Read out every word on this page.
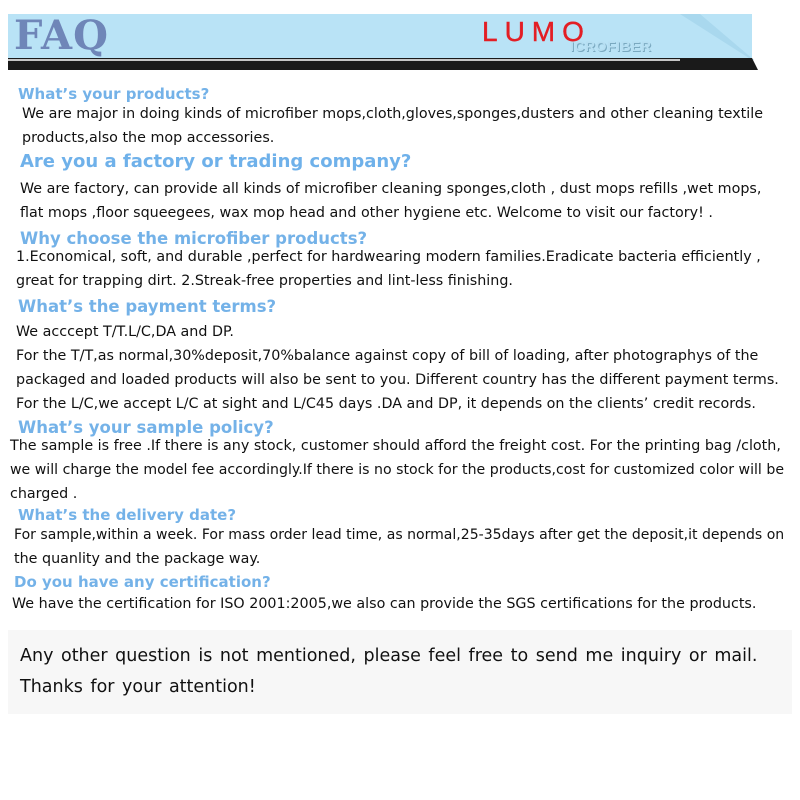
FAQ	LUMO
ICROFIBER
What’s your products?

We are major in doing kinds of microfiber mops,cloth,gloves,sponges,dusters and other cleaning textile

products,also the mop accessories.

Are you a factory or trading company?

We are factory, can provide all kinds of microfiber cleaning sponges,cloth , dust mops refills ,wet mops,

flat mops ,floor squeegees, wax mop head and other hygiene etc. Welcome to visit our factory! .

Why choose the microfiber products?

1.Economical, soft, and durable ,perfect for hardwearing modern families.Eradicate bacteria efficiently ,

great for trapping dirt. 2.Streak-free properties and lint-less finishing.

What’s the payment terms?

We acccept T/T.L/C,DA and DP.

For the T/T,as normal,30%deposit,70%balance against copy of bill of loading, after photographys of the

packaged and loaded products will also be sent to you. Different country has the different payment terms.

For the L/C,we accept L/C at sight and L/C45 days .DA and DP, it depends on the clients’ credit records.

What’s your sample policy?

The sample is free .If there is any stock, customer should afford the freight cost. For the printing bag /cloth,

we will charge the model fee accordingly.If there is no stock for the products,cost for customized color will be

charged .

What’s the delivery date?

For sample,within a week. For mass order lead time, as normal,25-35days after get the deposit,it depends on

the quanlity and the package way.

Do you have any certification?

We have the certification for ISO 2001:2005,we also can provide the SGS certifications for the products.

Any other question is not mentioned, please feel free to send me inquiry or mail.

Thanks for your attention!
